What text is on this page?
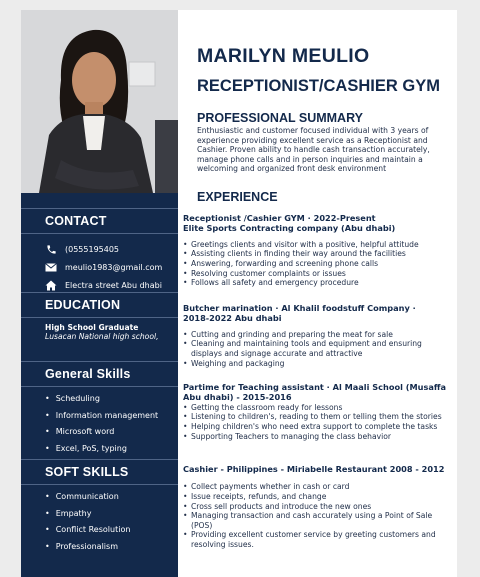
CONTACT
(0555195405
meulio1983@gmail.com
Electra street Abu dhabi
EDUCATION
High School Graduate
Lusacan National high school,
General Skills
• Scheduling
• Information management
• Microsoft word
• Excel, PoS, typing
SOFT SKILLS
• Communication
• Empathy
• Conflict Resolution
• Professionalism
MARILYN MEULIO
RECEPTIONIST/CASHIER GYM
PROFESSIONAL SUMMARY
Enthusiastic and customer focused individual with 3 years of
experience providing excellent service as a Receptionist and
Cashier. Proven ability to handle cash transaction accurately,
manage phone calls and in person inquiries and maintain a
welcoming and organized front desk environment
EXPERIENCE
Receptionist /Cashier GYM · 2022-Present
Elite Sports Contracting company (Abu dhabi)
• Greetings clients and visitor with a positive, helpful attitude
• Assisting clients in finding their way around the facilities
• Answering, forwarding and screening phone calls
• Resolving customer complaints or issues
• Follows all safety and emergency procedure
Butcher marination · Al Khalil foodstuff Company ·
2018-2022 Abu dhabi
• Cutting and grinding and preparing the meat for sale
• Cleaning and maintaining tools and equipment and ensuring displays and signage accurate and attractive
• Weighing and packaging
Partime for Teaching assistant · Al Maali School (Musaffa
Abu dhabi) - 2015-2016
• Getting the classroom ready for lessons
• Listening to children's, reading to them or telling them the stories
• Helping children's who need extra support to complete the tasks
• Supporting Teachers to managing the class behavior
Cashier - Philippines - Miriabelle Restaurant 2008 - 2012
• Collect payments whether in cash or card
• Issue receipts, refunds, and change
• Cross sell products and introduce the new ones
• Managing transaction and cash accurately using a Point of Sale (POS)
• Providing excellent customer service by greeting customers and resolving issues.
